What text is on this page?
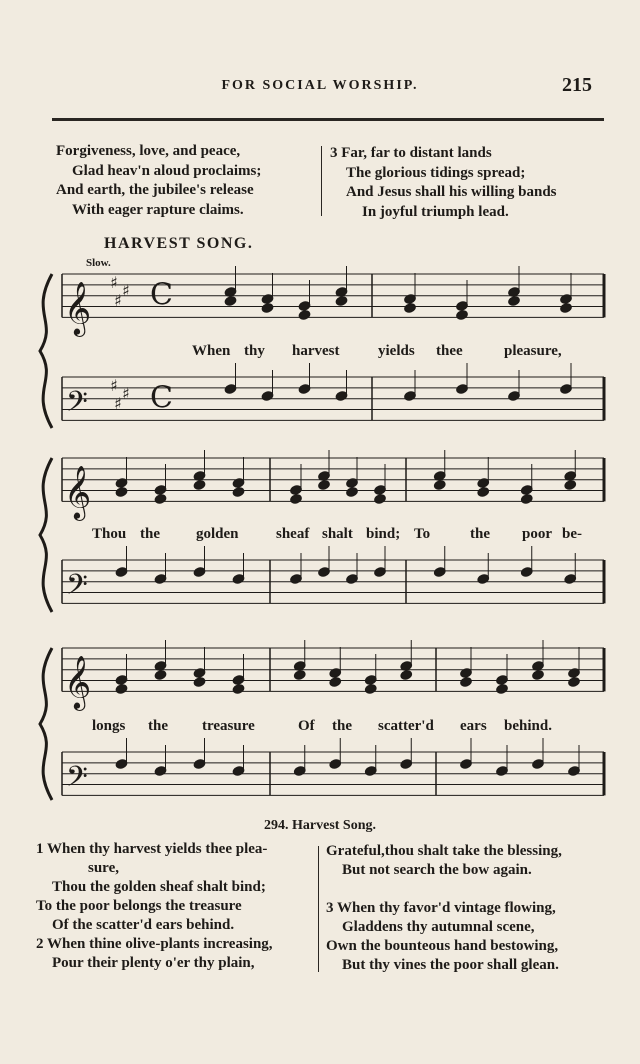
FOR SOCIAL WORSHIP.	215
Forgiveness, love, and peace,
Glad heav'n aloud proclaims;
And earth, the jubilee's release
With eager rapture claims.
3 Far, far to distant lands
The glorious tidings spread;
And Jesus shall his willing bands
In joyful triumph lead.
HARVEST SONG.
Slow.
𝄞 ♯ ♯
♯ C
𝄢 ♯ ♯
♯ C
𝄞
𝄢
𝄞
𝄢
When thy harvest	yields thee	pleasure,
Thou the golden sheaf shalt bind; To	the poor be-
longs the treasure	Of the scatter'd ears behind.
294. Harvest Song.
1 When thy harvest yields thee plea-
sure,
Thou the golden sheaf shalt bind;
To the poor belongs the treasure
Of the scatter'd ears behind.
2 When thine olive-plants increasing,
Pour their plenty o'er thy plain,
Grateful,thou shalt take the blessing,
But not search the bow again.
3 When thy favor'd vintage flowing,
Gladdens thy autumnal scene,
Own the bounteous hand bestowing,
But thy vines the poor shall glean.
